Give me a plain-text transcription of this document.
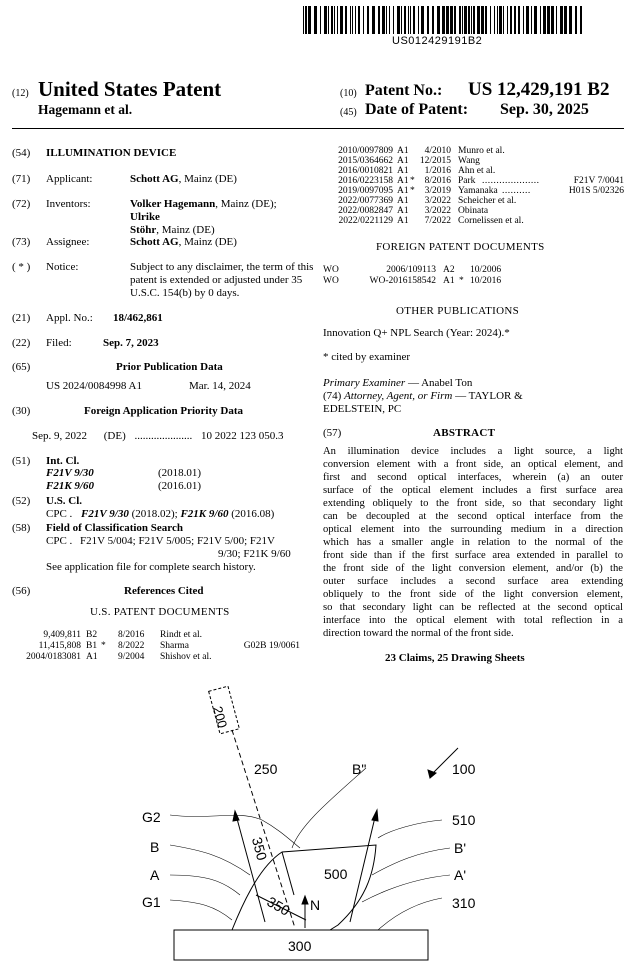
US012429191B2
(12) United States Patent
Hagemann et al.
(10) Patent No.: US 12,429,191 B2
(45) Date of Patent: Sep. 30, 2025
(54) ILLUMINATION DEVICE
(71) Applicant:	Schott AG, Mainz (DE)
(72) Inventors:	Volker Hagemann, Mainz (DE); Ulrike
Stöhr, Mainz (DE)
(73) Assignee:	Schott AG, Mainz (DE)
( * ) Notice:	Subject to any disclaimer, the term of this
patent is extended or adjusted under 35
U.S.C. 154(b) by 0 days.
(21) Appl. No.: 18/462,861
(22) Filed:	Sep. 7, 2023
(65)	Prior Publication Data
US 2024/0084998 A1	Mar. 14, 2024
(30)	Foreign Application Priority Data
Sep. 9, 2022 (DE) ..................... 10 2022 123 050.3
(51) Int. Cl.
F21V 9/30	(2018.01)
F21K 9/60	(2016.01)
(52) U.S. Cl.
CPC . F21V 9/30 (2018.02); F21K 9/60 (2016.08)
(58) Field of Classification Search
CPC . F21V 5/004; F21V 5/005; F21V 5/00; F21V
9/30; F21K 9/60
See application file for complete search history.
(56)	References Cited
U.S. PATENT DOCUMENTS
9,409,811 B2 8/2016 Rindt et al.
11,415,808 B1 * 8/2022 Sharma	G02B 19/0061
2004/0183081 A1 9/2004 Shishov et al.
FOREIGN PATENT DOCUMENTS
OTHER PUBLICATIONS
Innovation Q+ NPL Search (Year: 2024).*
* cited by examiner
Primary Examiner — Anabel Ton
(74) Attorney, Agent, or Firm — TAYLOR &
EDELSTEIN, PC
(57)	ABSTRACT
An illumination device includes a light source, a light
conversion element with a front side, an optical element, and
first and second optical interfaces, wherein (a) an outer
surface of the optical element includes a first surface area
extending obliquely to the front side, so that secondary light
can be decoupled at the second optical interface from the
optical element into the surrounding medium in a direction
which has a smaller angle in relation to the normal of the
front side than if the first surface area extended in parallel to
the front side of the light conversion element, and/or (b) the
outer surface includes a second surface area extending
obliquely to the front side of the light conversion element,
so that secondary light can be reflected at the second optical
interface into the optical element with total reflection in a
direction toward the normal of the front side.
23 Claims, 25 Drawing Sheets
2010/0097809 A1	4/2010 Munro et al.
2015/0364662 A1	12/2015 Wang
2016/0010821 A1	1/2016 Ahn et al.
2016/0223158 A1 *	8/2016 Park ....................	F21V 7/0041
2019/0097095 A1 *	3/2019 Yamanaka ..........	H01S 5/02326
2022/0077369 A1	3/2022 Scheicher et al.
2022/0082847 A1	3/2022 Obinata
2022/0221129 A1	7/2022 Cornelissen et al.
WO	2006/109113 A2 10/2006
WO	WO-2016158542 A1 * 10/2016
200
250	B"	100
G2	510
B	350	B'
A	500	A'
G1	350 N	310
300
